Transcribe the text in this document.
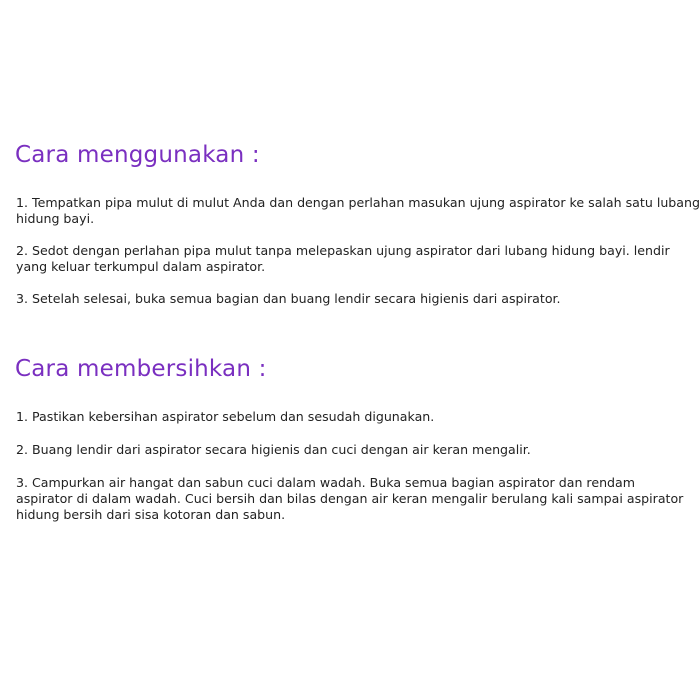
Cara menggunakan :

1. Tempatkan pipa mulut di mulut Anda dan dengan perlahan masukan ujung aspirator ke salah satu lubang hidung bayi.

2. Sedot dengan perlahan pipa mulut tanpa melepaskan ujung aspirator dari lubang hidung bayi. lendir yang keluar terkumpul dalam aspirator.

3. Setelah selesai, buka semua bagian dan buang lendir secara higienis dari aspirator.

Cara membersihkan :

1. Pastikan kebersihan aspirator sebelum dan sesudah digunakan.

2. Buang lendir dari aspirator secara higienis dan cuci dengan air keran mengalir.

3. Campurkan air hangat dan sabun cuci dalam wadah. Buka semua bagian aspirator dan rendam aspirator di dalam wadah. Cuci bersih dan bilas dengan air keran mengalir berulang kali sampai aspirator hidung bersih dari sisa kotoran dan sabun.
